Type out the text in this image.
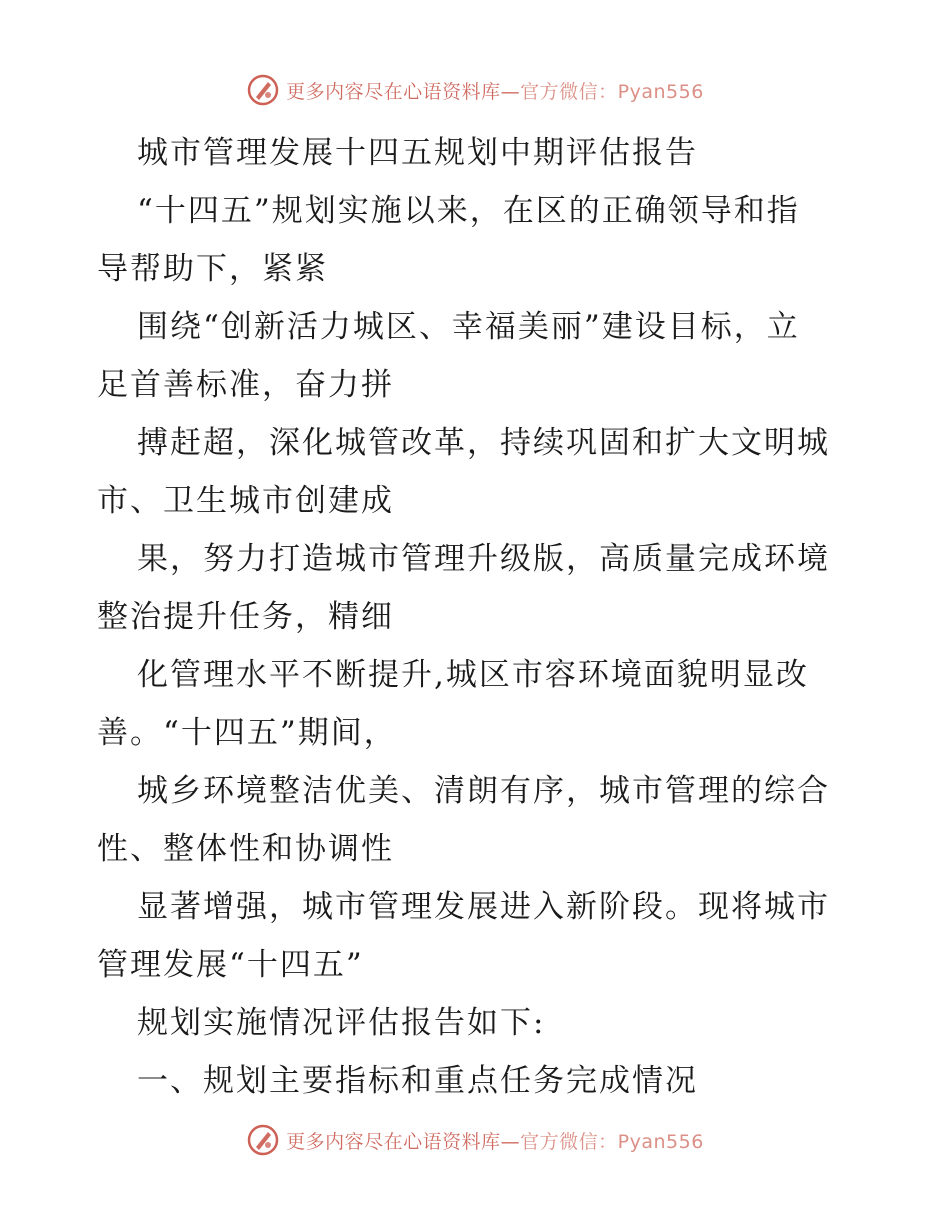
更多内容尽在心语资料库—官方微信：Pyan556
城市管理发展十四五规划中期评估报告
“十四五”规划实施以来，在区的正确领导和指
导帮助下，紧紧
围绕“创新活力城区、幸福美丽”建设目标，立
足首善标准，奋力拼
搏赶超，深化城管改革，持续巩固和扩大文明城
市、卫生城市创建成
果，努力打造城市管理升级版，高质量完成环境
整治提升任务，精细
化管理水平不断提升,城区市容环境面貌明显改
善。“十四五”期间，
城乡环境整洁优美、清朗有序，城市管理的综合
性、整体性和协调性
显著增强，城市管理发展进入新阶段。现将城市
管理发展“十四五”
规划实施情况评估报告如下:
一、规划主要指标和重点任务完成情况
更多内容尽在心语资料库—官方微信：Pyan556
